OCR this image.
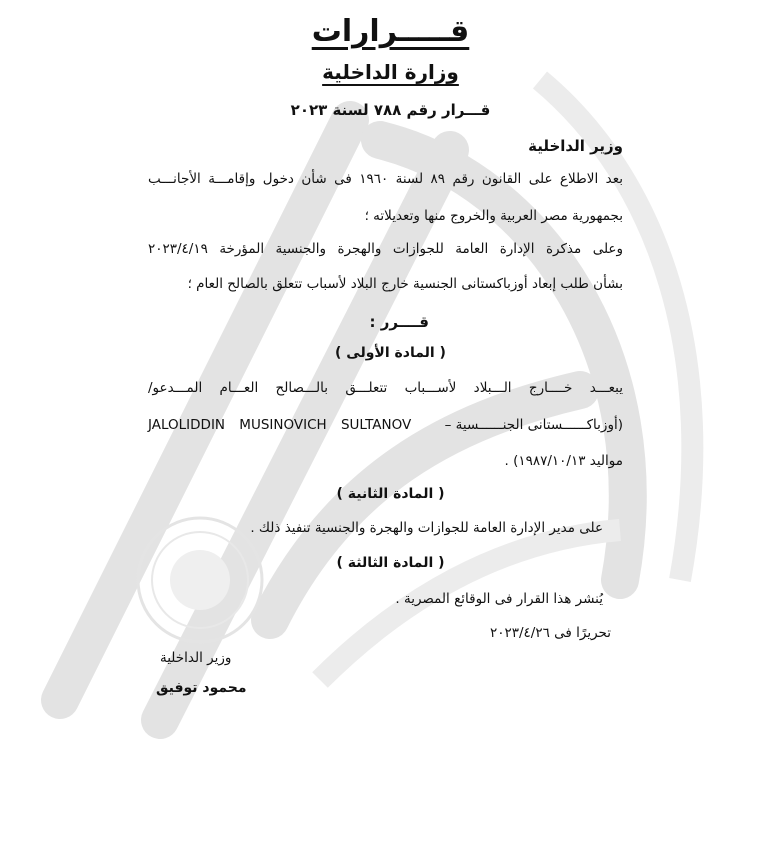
قـــــرارات
وزارة الداخلية
قـــرار رقم ٧٨٨ لسنة ٢٠٢٣
وزير الداخلية
بعد الاطلاع على القانون رقم ٨٩ لسنة ١٩٦٠ فى شأن دخول وإقامـــة الأجانـــب
بجمهورية مصر العربية والخروج منها وتعديلاته ؛
وعلى مذكرة الإدارة العامة للجوازات والهجرة والجنسية المؤرخة ٢٠٢٣/٤/١٩
بشأن طلب إبعاد أوزباكستانى الجنسية خارج البلاد لأسباب تتعلق بالصالح العام ؛
قــــرر :
( المادة الأولى )
يبعـــد خــــارج الـــبلاد لأســـباب تتعلـــق بالـــصالح العـــام المـــدعو/
(أوزباكــــــستانى الجنــــــسية –
JALOLIDDIN MUSINOVICH SULTANOV
مواليد ١٩٨٧/١٠/١٣) .
( المادة الثانية )
على مدير الإدارة العامة للجوازات والهجرة والجنسية تنفيذ ذلك .
( المادة الثالثة )
يُنشر هذا القرار فى الوقائع المصرية .
تحريرًا فى ٢٠٢٣/٤/٢٦
وزير الداخلية
محمود توفيق
